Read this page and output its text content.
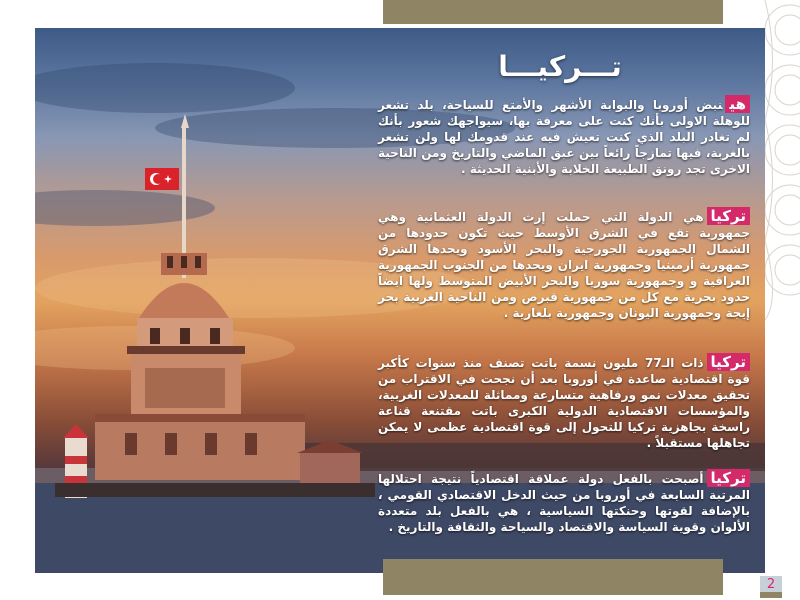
تـــركيـــا
هينبض أوروبا والبوابة الأشهر والأمتع للسياحة، بلد تشعر للوهلة الاولى بأنك كنت على معرفة بها، سيواجهك شعور بأنك لم تغادر البلد الذي كنت تعيش فيه عند قدومك لها ولن تشعر بالغربة، فيها تمازجاً رائعاً بين عبق الماضي والتاريخ ومن الناحية الاخرى تجد رونق الطبيعة الخلابة والأبنية الحديثة .
تركياهي الدولة التي حملت إرث الدولة العثمانية وهي جمهورية تقع في الشرق الأوسط حيث تكون حدودها من الشمال الجمهورية الجورجية والبحر الأسود ويحدها الشرق جمهورية أرمينيا وجمهورية ايران ويحدها من الجنوب الجمهورية العراقية و وجمهورية سوريا والبحر الأبيض المتوسط ولها ايضاً حدود بحرية مع كل من جمهورية قبرص ومن الناحية الغربية بحر إيجة وجمهورية اليونان وجمهورية بلغارية .
تركياذات الـ77 مليون نسمة باتت تصنف منذ سنوات كأكبر قوة اقتصادية صاعدة في أوروبا بعد أن نجحت في الاقتراب من تحقيق معدلات نمو ورفاهية متسارعة ومماثلة للمعدلات الغربية، والمؤسسات الاقتصادية الدولية الكبرى باتت مقتنعة قناعة راسخة بجاهزية تركيا للتحول إلى قوة اقتصادية عظمى لا يمكن تجاهلها مستقبلاً .
تركياأصبحت بالفعل دولة عملاقة اقتصادياً نتيجة احتلالها المرتبة السابعة في أوروبا من حيث الدخل الاقتصادي القومي ، بالإضافة لقوتها وحنكتها السياسية ، هي بالفعل بلد متعددة الألوان وقوية السياسة والاقتصاد والسياحة والثقافة والتاريخ .
2
